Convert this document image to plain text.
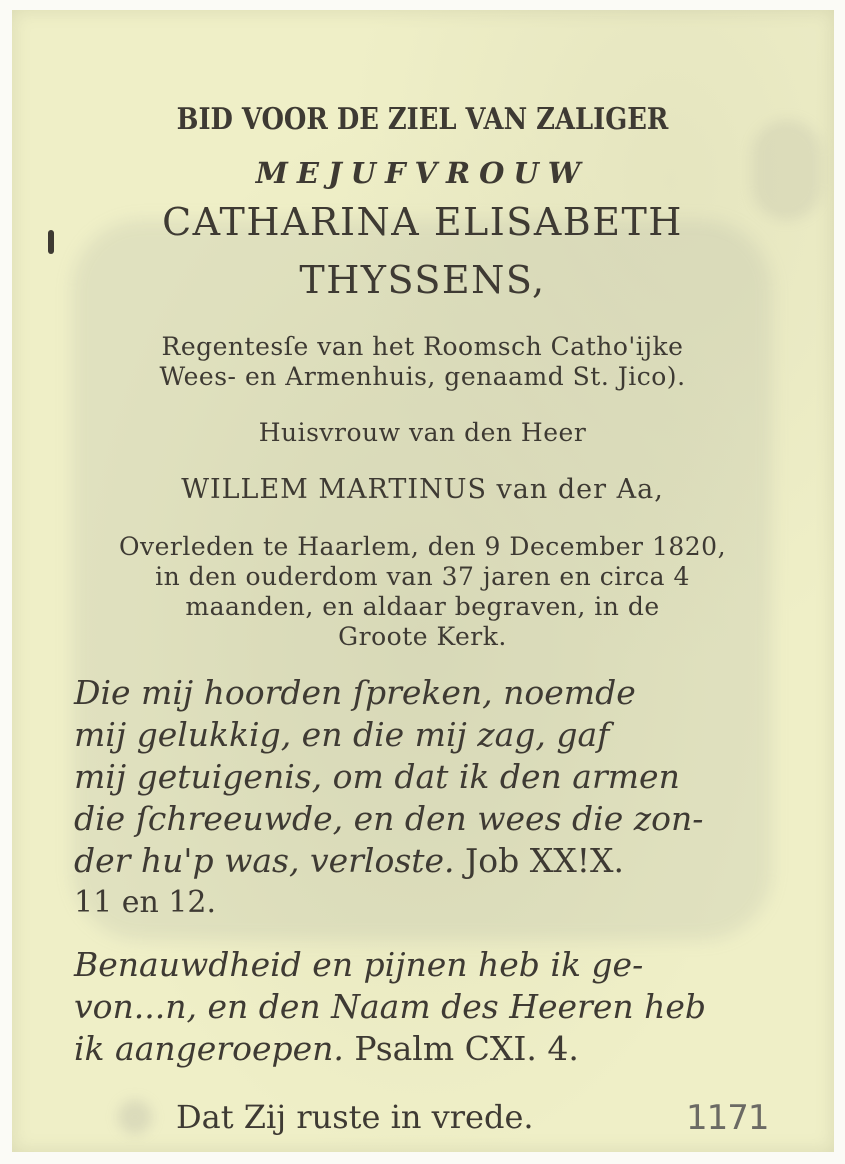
BID VOOR DE ZIEL VAN ZALIGER
MEJUFVROUW
CATHARINA ELISABETH
THYSSENS,
Regentesſe van het Roomsch Catho'ijke
Wees- en Armenhuis, genaamd St. Jico).
Huisvrouw van den Heer
WILLEM MARTINUS van der Aa,
Overleden te Haarlem, den 9 December 1820,
in den ouderdom van 37 jaren en circa 4
maanden, en aldaar begraven, in de
Groote Kerk.
Die mij hoorden ſpreken, noemde
mij gelukkig, en die mij zag, gaf
mij getuigenis, om dat ik den armen
die ſchreeuwde, en den wees die zon-
der hu'p was, verloste. Job XX!X.
11 en 12.
Benauwdheid en pijnen heb ik ge-
von...n, en den Naam des Heeren heb
ik aangeroepen. Psalm CXI. 4.
Dat Zij ruste in vrede.	1171
